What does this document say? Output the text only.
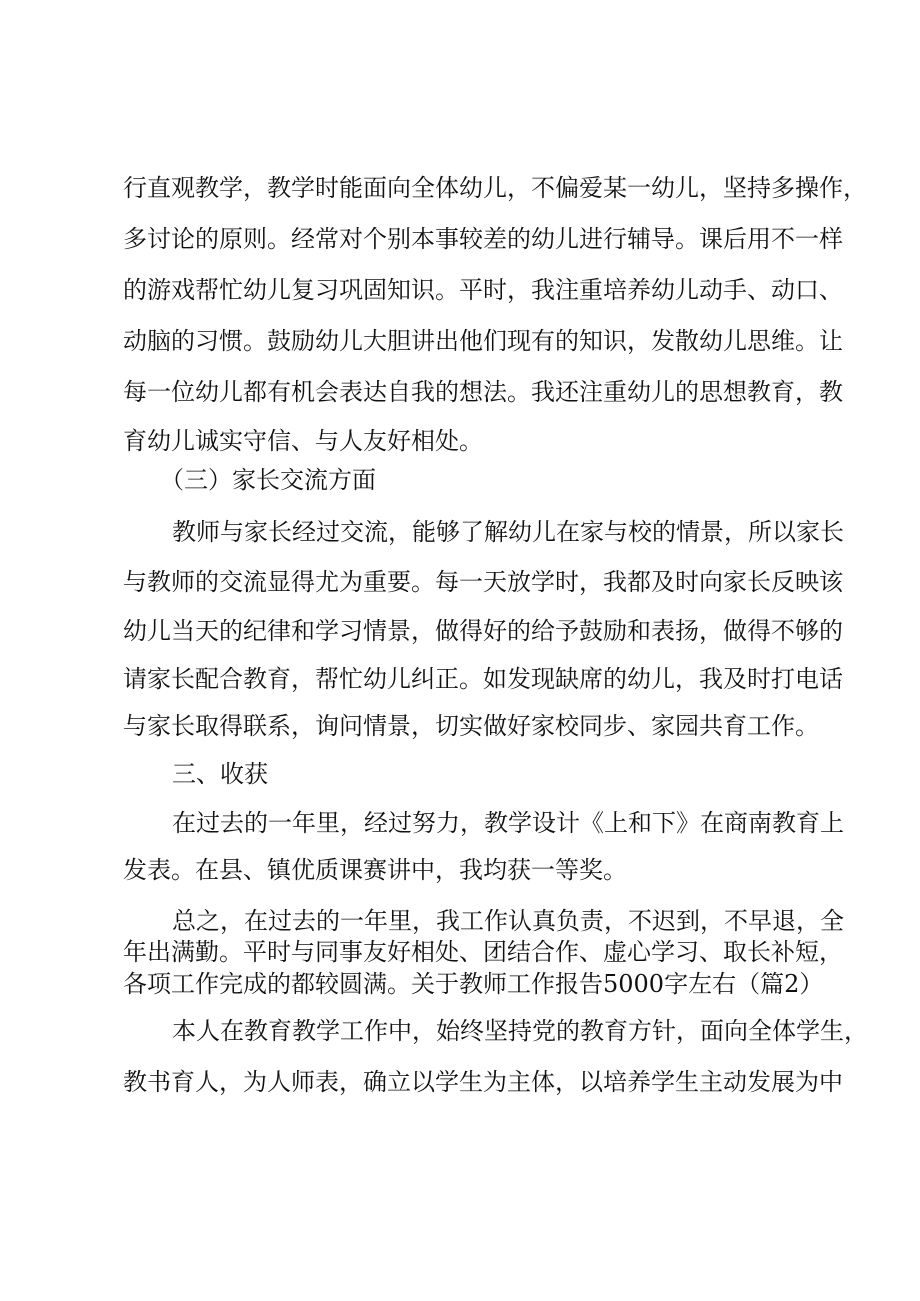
行直观教学，教学时能面向全体幼儿，不偏爱某一幼儿，坚持多操作，
多讨论的原则。经常对个别本事较差的幼儿进行辅导。课后用不一样
的游戏帮忙幼儿复习巩固知识。平时，我注重培养幼儿动手、动口、
动脑的习惯。鼓励幼儿大胆讲出他们现有的知识，发散幼儿思维。让
每一位幼儿都有机会表达自我的想法。我还注重幼儿的思想教育，教
育幼儿诚实守信、与人友好相处。
（三）家长交流方面
教师与家长经过交流，能够了解幼儿在家与校的情景，所以家长
与教师的交流显得尤为重要。每一天放学时，我都及时向家长反映该
幼儿当天的纪律和学习情景，做得好的给予鼓励和表扬，做得不够的
请家长配合教育，帮忙幼儿纠正。如发现缺席的幼儿，我及时打电话
与家长取得联系，询问情景，切实做好家校同步、家园共育工作。
三、收获
在过去的一年里，经过努力，教学设计《上和下》在商南教育上
发表。在县、镇优质课赛讲中，我均获一等奖。
总之，在过去的一年里，我工作认真负责，不迟到，不早退，全
年出满勤。平时与同事友好相处、团结合作、虚心学习、取长补短，
各项工作完成的都较圆满。关于教师工作报告5000字左右（篇2）
本人在教育教学工作中，始终坚持党的教育方针，面向全体学生，
教书育人，为人师表，确立以学生为主体，以培养学生主动发展为中
